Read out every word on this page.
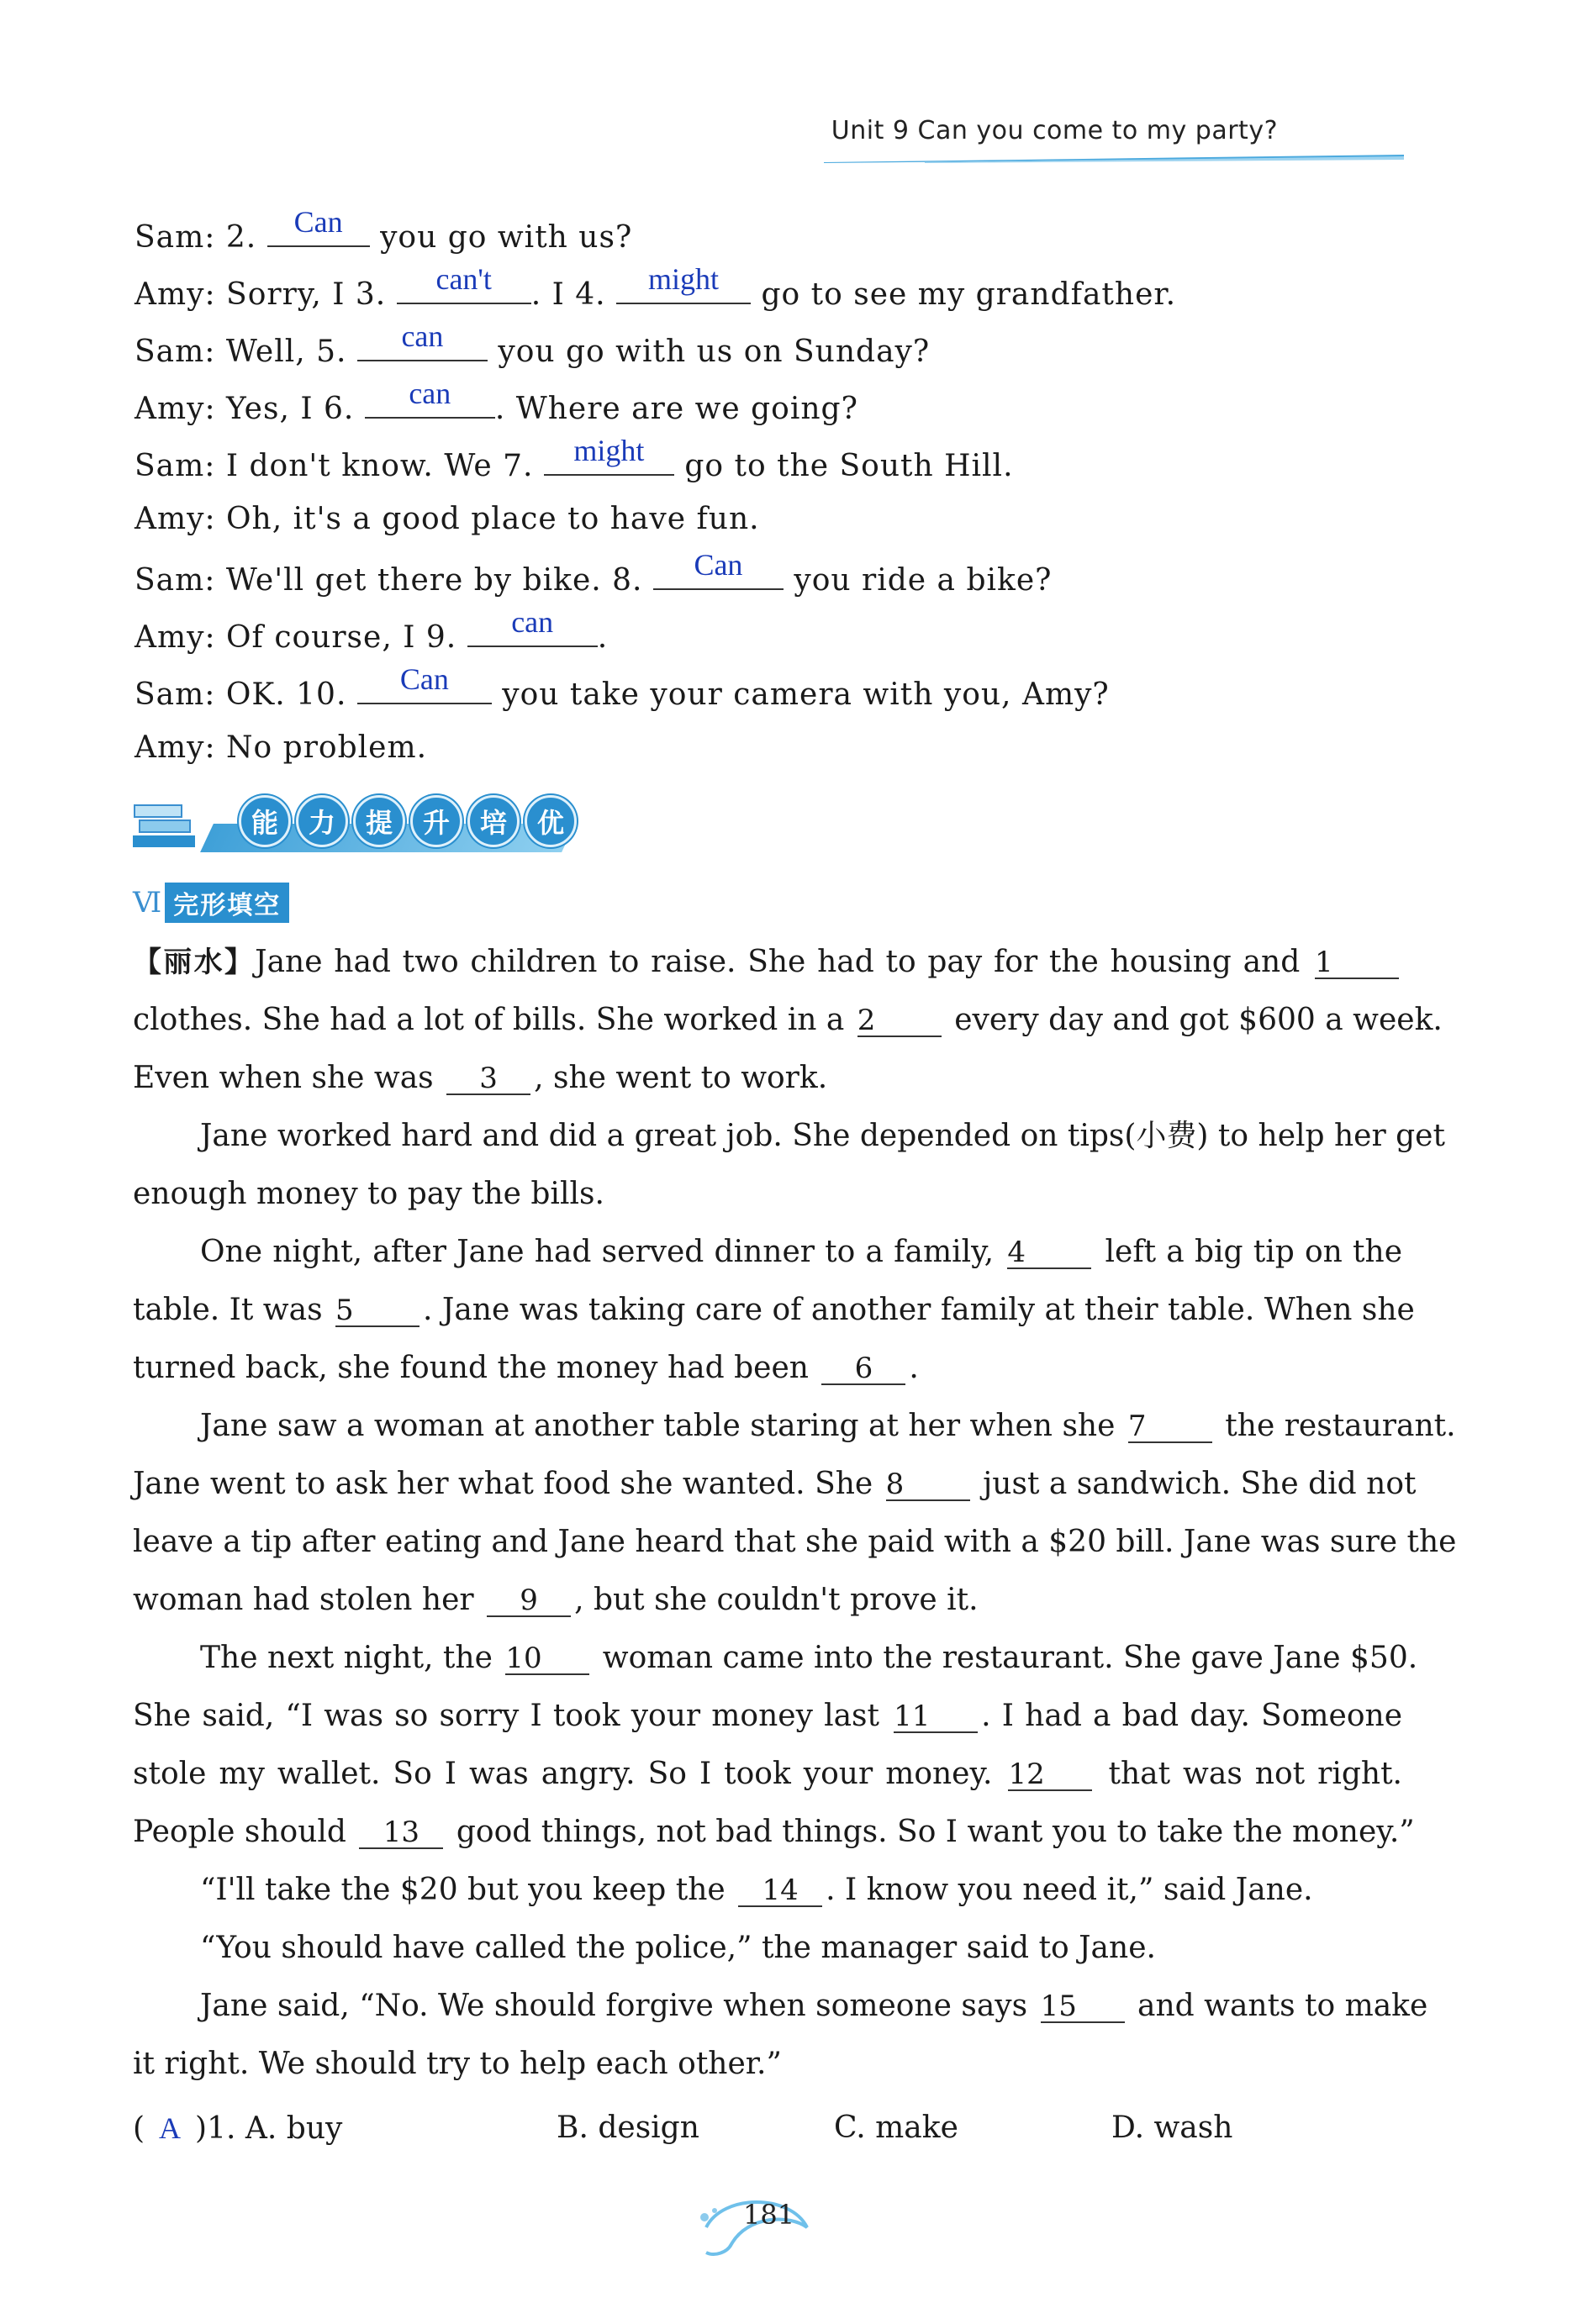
Unit 9 Can you come to my party?
Sam: 2. Can you go with us?
Amy: Sorry, I 3.	can't	. I 4.	might	go to see my grandfather.
Sam: Well, 5.	can	you go with us on Sunday?
Amy: Yes, I 6.	can	. Where are we going?
Sam: I don't know. We 7. might go to the South Hill.
Amy: Oh, it's a good place to have fun.
Sam: We'll get there by bike. 8.	Can	you ride a bike?
Amy: Of course, I 9.	can	.
Sam: OK. 10.	Can	you take your camera with you, Amy?
Amy: No problem.
能	力	提	升	培	优
Ⅵ 完形填空
【丽水】Jane had two children to raise. She had to pay for the housing and 1
clothes. She had a lot of bills. She worked in a 2 every day and got $600 a week.
Even when she was 3 , she went to work.
Jane worked hard and did a great job. She depended on tips(小费) to help her get
enough money to pay the bills.
One night, after Jane had served dinner to a family, 4 left a big tip on the
table. It was 5 . Jane was taking care of another family at their table. When she
turned back, she found the money had been 6 .
Jane saw a woman at another table staring at her when she 7 the restaurant.
Jane went to ask her what food she wanted. She 8 just a sandwich. She did not
leave a tip after eating and Jane heard that she paid with a $20 bill. Jane was sure the
woman had stolen her 9 , but she couldn't prove it.
The next night, the 10 woman came into the restaurant. She gave Jane $50.
She said, “I was so sorry I took your money last 11 . I had a bad day. Someone
stole my wallet. So I was angry. So I took your money. 12 that was not right.
People should 13 good things, not bad things. So I want you to take the money.”
“I'll take the $20 but you keep the 14 . I know you need it,” said Jane.
“You should have called the police,” the manager said to Jane.
Jane said, “No. We should forgive when someone says 15 and wants to make
it right. We should try to help each other.”
( A )1. A. buy	B. design	C. make	D. wash
181
